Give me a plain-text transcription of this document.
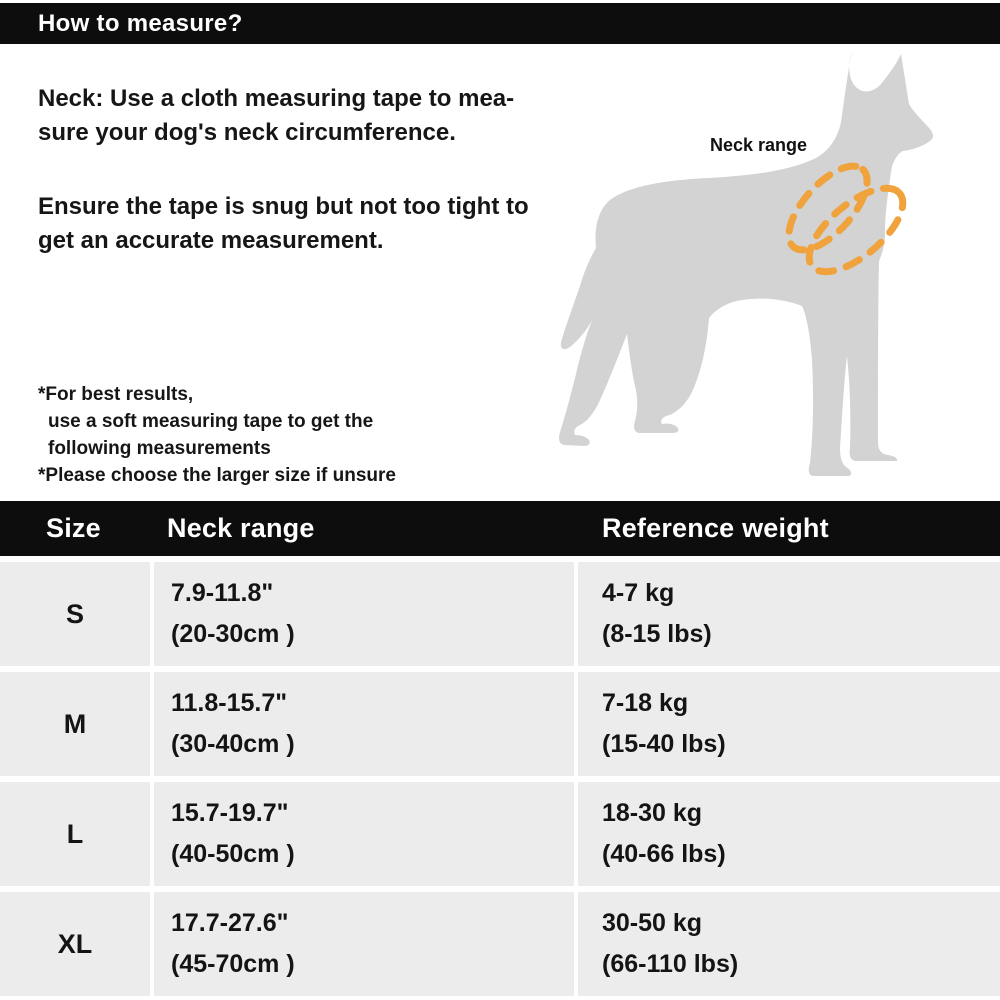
How to measure?

Neck: Use a cloth measuring tape to mea-
sure your dog's neck circumference.

Ensure the tape is snug but not too tight to
get an accurate measurement.

Neck range
*For best results,
use a soft measuring tape to get the
following measurements
*Please choose the larger size if unsure
Size Neck range	Reference weight
S
7.9-11.8"
(20-30cm )
4-7 kg
(8-15 lbs)
M
11.8-15.7"
(30-40cm )
7-18 kg
(15-40 lbs)
L
15.7-19.7"
(40-50cm )
18-30 kg
(40-66 lbs)
XL
17.7-27.6"
(45-70cm )
30-50 kg
(66-110 lbs)
